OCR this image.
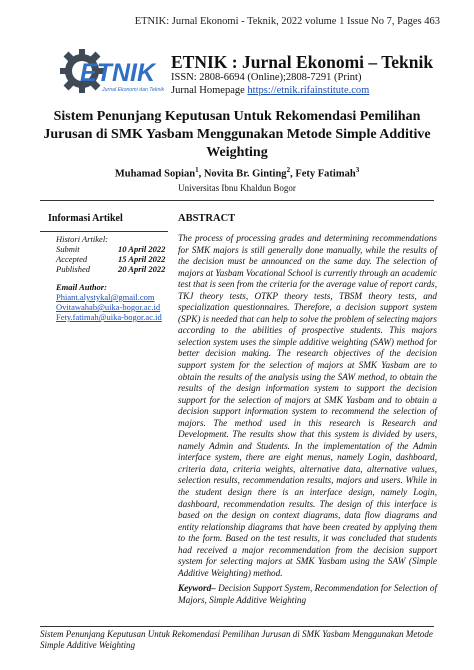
ETNIK: Jurnal Ekonomi - Teknik, 2022 volume 1 Issue No 7, Pages 463
ETNIK
Jurnal Ekonomi dan Teknik
ETNIK : Jurnal Ekonomi – Teknik
ISSN: 2808-6694 (Online);2808-7291 (Print)
Jurnal Homepage https://etnik.rifainstitute.com
Sistem Penunjang Keputusan Untuk Rekomendasi Pemilihan Jurusan di SMK Yasbam Menggunakan Metode Simple Additive Weighting
Muhamad Sopian$^1$, Novita Br. Ginting$^2$, Fety Fatimah$^3$
Universitas Ibnu Khaldun Bogor
Informasi Artikel
Histori Artikel:
Submit	10 April 2022
Accepted	15 April 2022
Published	20 April 2022
Email Author:
Phiant.alystykal@gmail.com
Ovitawahab@uika-bogor.ac.id
Fety.fatimah@uika-bogor.ac.id
ABSTRACT
The process of processing grades and determining recommendations for SMK majors is still generally done manually, while the results of the decision must be announced on the same day. The selection of majors at Yasbam Vocational School is currently through an academic test that is seen from the criteria for the average value of report cards, TKJ theory tests, OTKP theory tests, TBSM theory tests, and specialization questionnaires. Therefore, a decision support system (SPK) is needed that can help to solve the problem of selecting majors according to the abilities of prospective students. This majors selection system uses the simple additive weighting (SAW) method for better decision making. The research objectives of the decision support system for the selection of majors at SMK Yasbam are to obtain the results of the analysis using the SAW method, to obtain the results of the design information system to support the decision support for the selection of majors at SMK Yasbam and to obtain a decision support information system to recommend the selection of majors. The method used in this research is Research and Development. The results show that this system is divided by users, namely Admin and Students. In the implementation of the Admin interface system, there are eight menus, namely Login, dashboard, criteria data, criteria weights, alternative data, alternative values, selection results, recommendation results, majors and users. While in the student design there is an interface design, namely Login, dashboard, recommendation results. The design of this interface is based on the design on context diagrams, data flow diagrams and entity relationship diagrams that have been created by applying them to the form. Based on the test results, it was concluded that students had received a major recommendation from the decision support system for selecting majors at SMK Yasbam using the SAW (Simple Additive Weighting) method.
Keyword– Decision Support System, Recommendation for Selection of Majors, Simple Additive Weighting
Sistem Penunjang Keputusan Untuk Rekomendasi Pemilihan Jurusan di SMK Yasbam Menggunakan Metode Simple Additive Weighting
